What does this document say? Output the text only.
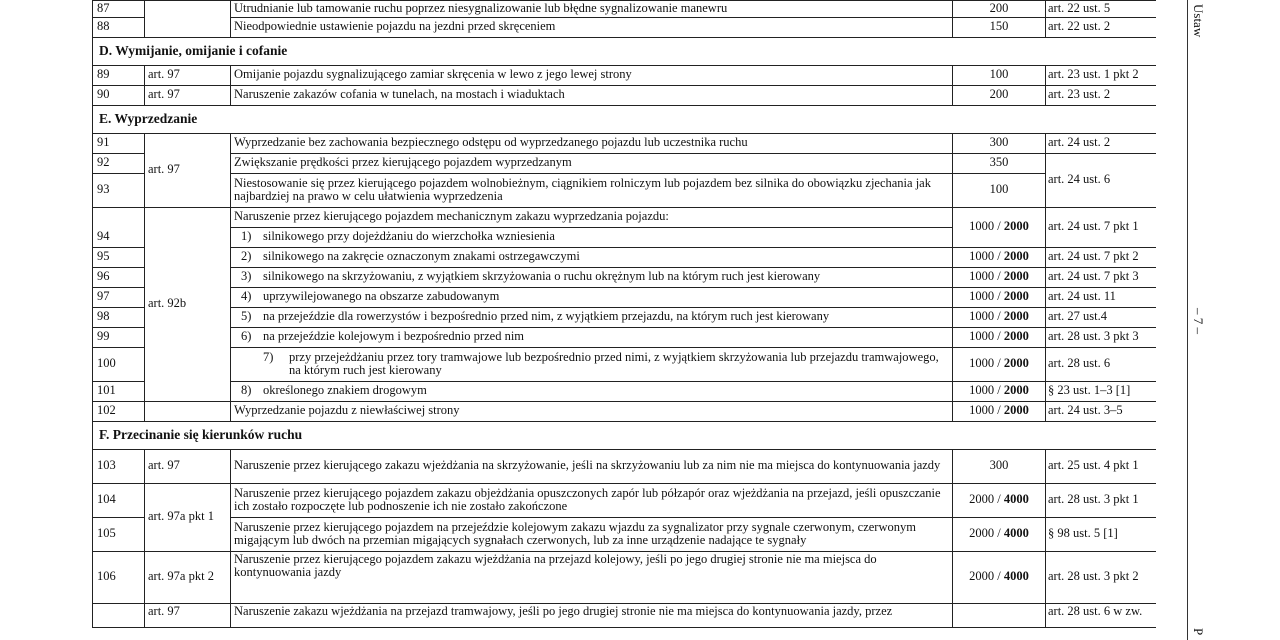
87		Utrudnianie lub tamowanie ruchu poprzez niesygnalizowanie lub błędne sygnalizowanie manewru	200	art. 22 ust. 5
88		Nieodpowiednie ustawienie pojazdu na jezdni przed skręceniem	150	art. 22 ust. 2
D. Wymijanie, omijanie i cofanie				
89	art. 97	Omijanie pojazdu sygnalizującego zamiar skręcenia w lewo z jego lewej strony	100	art. 23 ust. 1 pkt 2
90	art. 97	Naruszenie zakazów cofania w tunelach, na mostach i wiaduktach	200	art. 23 ust. 2
E. Wyprzedzanie				
91	art. 97	Wyprzedzanie bez zachowania bezpiecznego odstępu od wyprzedzanego pojazdu lub uczestnika ruchu	300	art. 24 ust. 2
92		Zwiększanie prędkości przez kierującego pojazdem wyprzedzanym	350	art. 24 ust. 6
93		Niestosowanie się przez kierującego pojazdem wolnobieżnym, ciągnikiem rolniczym lub pojazdem bez silnika do obowiązku zjechania jak najbardziej na prawo w celu ułatwienia wyprzedzenia	100	
94	art. 92b	Naruszenie przez kierującego pojazdem mechanicznym zakazu wyprzedzania pojazdu:	1000 / 2000	art. 24 ust. 7 pkt 1
		1) silnikowego przy dojeżdżaniu do wierzchołka wzniesienia		
95		2) silnikowego na zakręcie oznaczonym znakami ostrzegawczymi	1000 / 2000	art. 24 ust. 7 pkt 2
96		3) silnikowego na skrzyżowaniu, z wyjątkiem skrzyżowania o ruchu okrężnym lub na którym ruch jest kierowany	1000 / 2000	art. 24 ust. 7 pkt 3
97		4) uprzywilejowanego na obszarze zabudowanym	1000 / 2000	art. 24 ust. 11
98		5) na przejeździe dla rowerzystów i bezpośrednio przed nim, z wyjątkiem przejazdu, na którym ruch jest kierowany	1000 / 2000	art. 27 ust.4
99		6) na przejeździe kolejowym i bezpośrednio przed nim	1000 / 2000	art. 28 ust. 3 pkt 3
100		7) przy przejeżdżaniu przez tory tramwajowe lub bezpośrednio przed nimi, z wyjątkiem skrzyżowania lub przejazdu tramwajowego, na którym ruch jest kierowany	1000 / 2000	art. 28 ust. 6
101		8) określonego znakiem drogowym	1000 / 2000	§ 23 ust. 1–3 [1]
102		Wyprzedzanie pojazdu z niewłaściwej strony	1000 / 2000	art. 24 ust. 3–5
F. Przecinanie się kierunków ruchu				
103	art. 97	Naruszenie przez kierującego zakazu wjeżdżania na skrzyżowanie, jeśli na skrzyżowaniu lub za nim nie ma miejsca do kontynuowania jazdy	300	art. 25 ust. 4 pkt 1
104	art. 97a pkt 1	Naruszenie przez kierującego pojazdem zakazu objeżdżania opuszczonych zapór lub półzapór oraz wjeżdżania na przejazd, jeśli opuszczanie ich zostało rozpoczęte lub podnoszenie ich nie zostało zakończone	2000 / 4000	art. 28 ust. 3 pkt 1
105		Naruszenie przez kierującego pojazdem na przejeździe kolejowym zakazu wjazdu za sygnalizator przy sygnale czerwonym, czerwonym migającym lub dwóch na przemian migających sygnałach czerwonych, lub za inne urządzenie nadające te sygnały	2000 / 4000	§ 98 ust. 5 [1]
106	art. 97a pkt 2	Naruszenie przez kierującego pojazdem zakazu wjeżdżania na przejazd kolejowy, jeśli po jego drugiej stronie nie ma miejsca do kontynuowania jazdy	2000 / 4000	art. 28 ust. 3 pkt 2
	art. 97	Naruszenie zakazu wjeżdżania na przejazd tramwajowy, jeśli po jego drugiej stronie nie ma miejsca do kontynuowania jazdy, przez		art. 28 ust. 6 w zw.
Ustaw
– 7 –
P
